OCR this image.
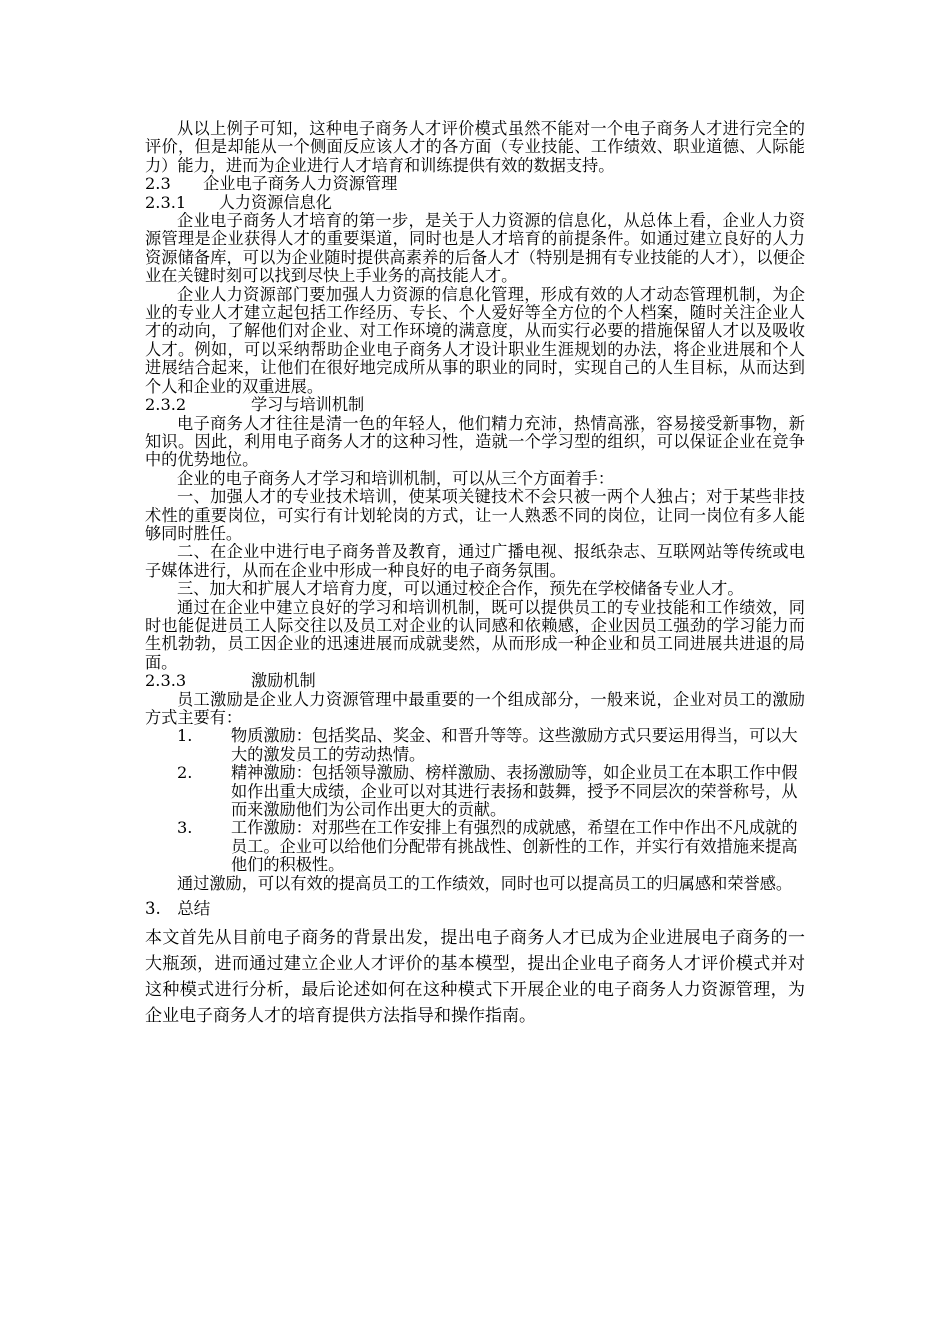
从以上例子可知，这种电子商务人才评价模式虽然不能对一个电子商务人才进行完全的评价，但是却能从一个侧面反应该人才的各方面（专业技能、工作绩效、职业道德、人际能力）能力，进而为企业进行人才培育和训练提供有效的数据支持。

2.3　　企业电子商务人力资源管理

2.3.1　　人力资源信息化

企业电子商务人才培育的第一步，是关于人力资源的信息化，从总体上看，企业人力资源管理是企业获得人才的重要渠道，同时也是人才培育的前提条件。如通过建立良好的人力资源储备库，可以为企业随时提供高素养的后备人才（特别是拥有专业技能的人才），以便企业在关键时刻可以找到尽快上手业务的高技能人才。

企业人力资源部门要加强人力资源的信息化管理，形成有效的人才动态管理机制，为企业的专业人才建立起包括工作经历、专长、个人爱好等全方位的个人档案，随时关注企业人才的动向，了解他们对企业、对工作环境的满意度，从而实行必要的措施保留人才以及吸收人才。例如，可以采纳帮助企业电子商务人才设计职业生涯规划的办法，将企业进展和个人进展结合起来，让他们在很好地完成所从事的职业的同时，实现自己的人生目标，从而达到个人和企业的双重进展。

2.3.2　　　　学习与培训机制

电子商务人才往往是清一色的年轻人，他们精力充沛，热情高涨，容易接受新事物，新知识。因此，利用电子商务人才的这种习性，造就一个学习型的组织，可以保证企业在竞争中的优势地位。

企业的电子商务人才学习和培训机制，可以从三个方面着手：

一、加强人才的专业技术培训，使某项关键技术不会只被一两个人独占；对于某些非技术性的重要岗位，可实行有计划轮岗的方式，让一人熟悉不同的岗位，让同一岗位有多人能够同时胜任。

二、在企业中进行电子商务普及教育，通过广播电视、报纸杂志、互联网站等传统或电子媒体进行，从而在企业中形成一种良好的电子商务氛围。

三、加大和扩展人才培育力度，可以通过校企合作，预先在学校储备专业人才。

通过在企业中建立良好的学习和培训机制，既可以提供员工的专业技能和工作绩效，同时也能促进员工人际交往以及员工对企业的认同感和依赖感，企业因员工强劲的学习能力而生机勃勃，员工因企业的迅速进展而成就斐然，从而形成一种企业和员工同进展共进退的局面。

2.3.3　　　　激励机制

员工激励是企业人力资源管理中最重要的一个组成部分，一般来说，企业对员工的激励方式主要有：

1. 物质激励：包括奖品、奖金、和晋升等等。这些激励方式只要运用得当，可以大大的激发员工的劳动热情。
2. 精神激励：包括领导激励、榜样激励、表扬激励等，如企业员工在本职工作中假如作出重大成绩，企业可以对其进行表扬和鼓舞，授予不同层次的荣誉称号，从而来激励他们为公司作出更大的贡献。
3. 工作激励：对那些在工作安排上有强烈的成就感，希望在工作中作出不凡成就的员工。企业可以给他们分配带有挑战性、创新性的工作，并实行有效措施来提高他们的积极性。

通过激励，可以有效的提高员工的工作绩效，同时也可以提高员工的归属感和荣誉感。

3.　总结

本文首先从目前电子商务的背景出发，提出电子商务人才已成为企业进展电子商务的一大瓶颈，进而通过建立企业人才评价的基本模型，提出企业电子商务人才评价模式并对这种模式进行分析，最后论述如何在这种模式下开展企业的电子商务人力资源管理，为企业电子商务人才的培育提供方法指导和操作指南。
